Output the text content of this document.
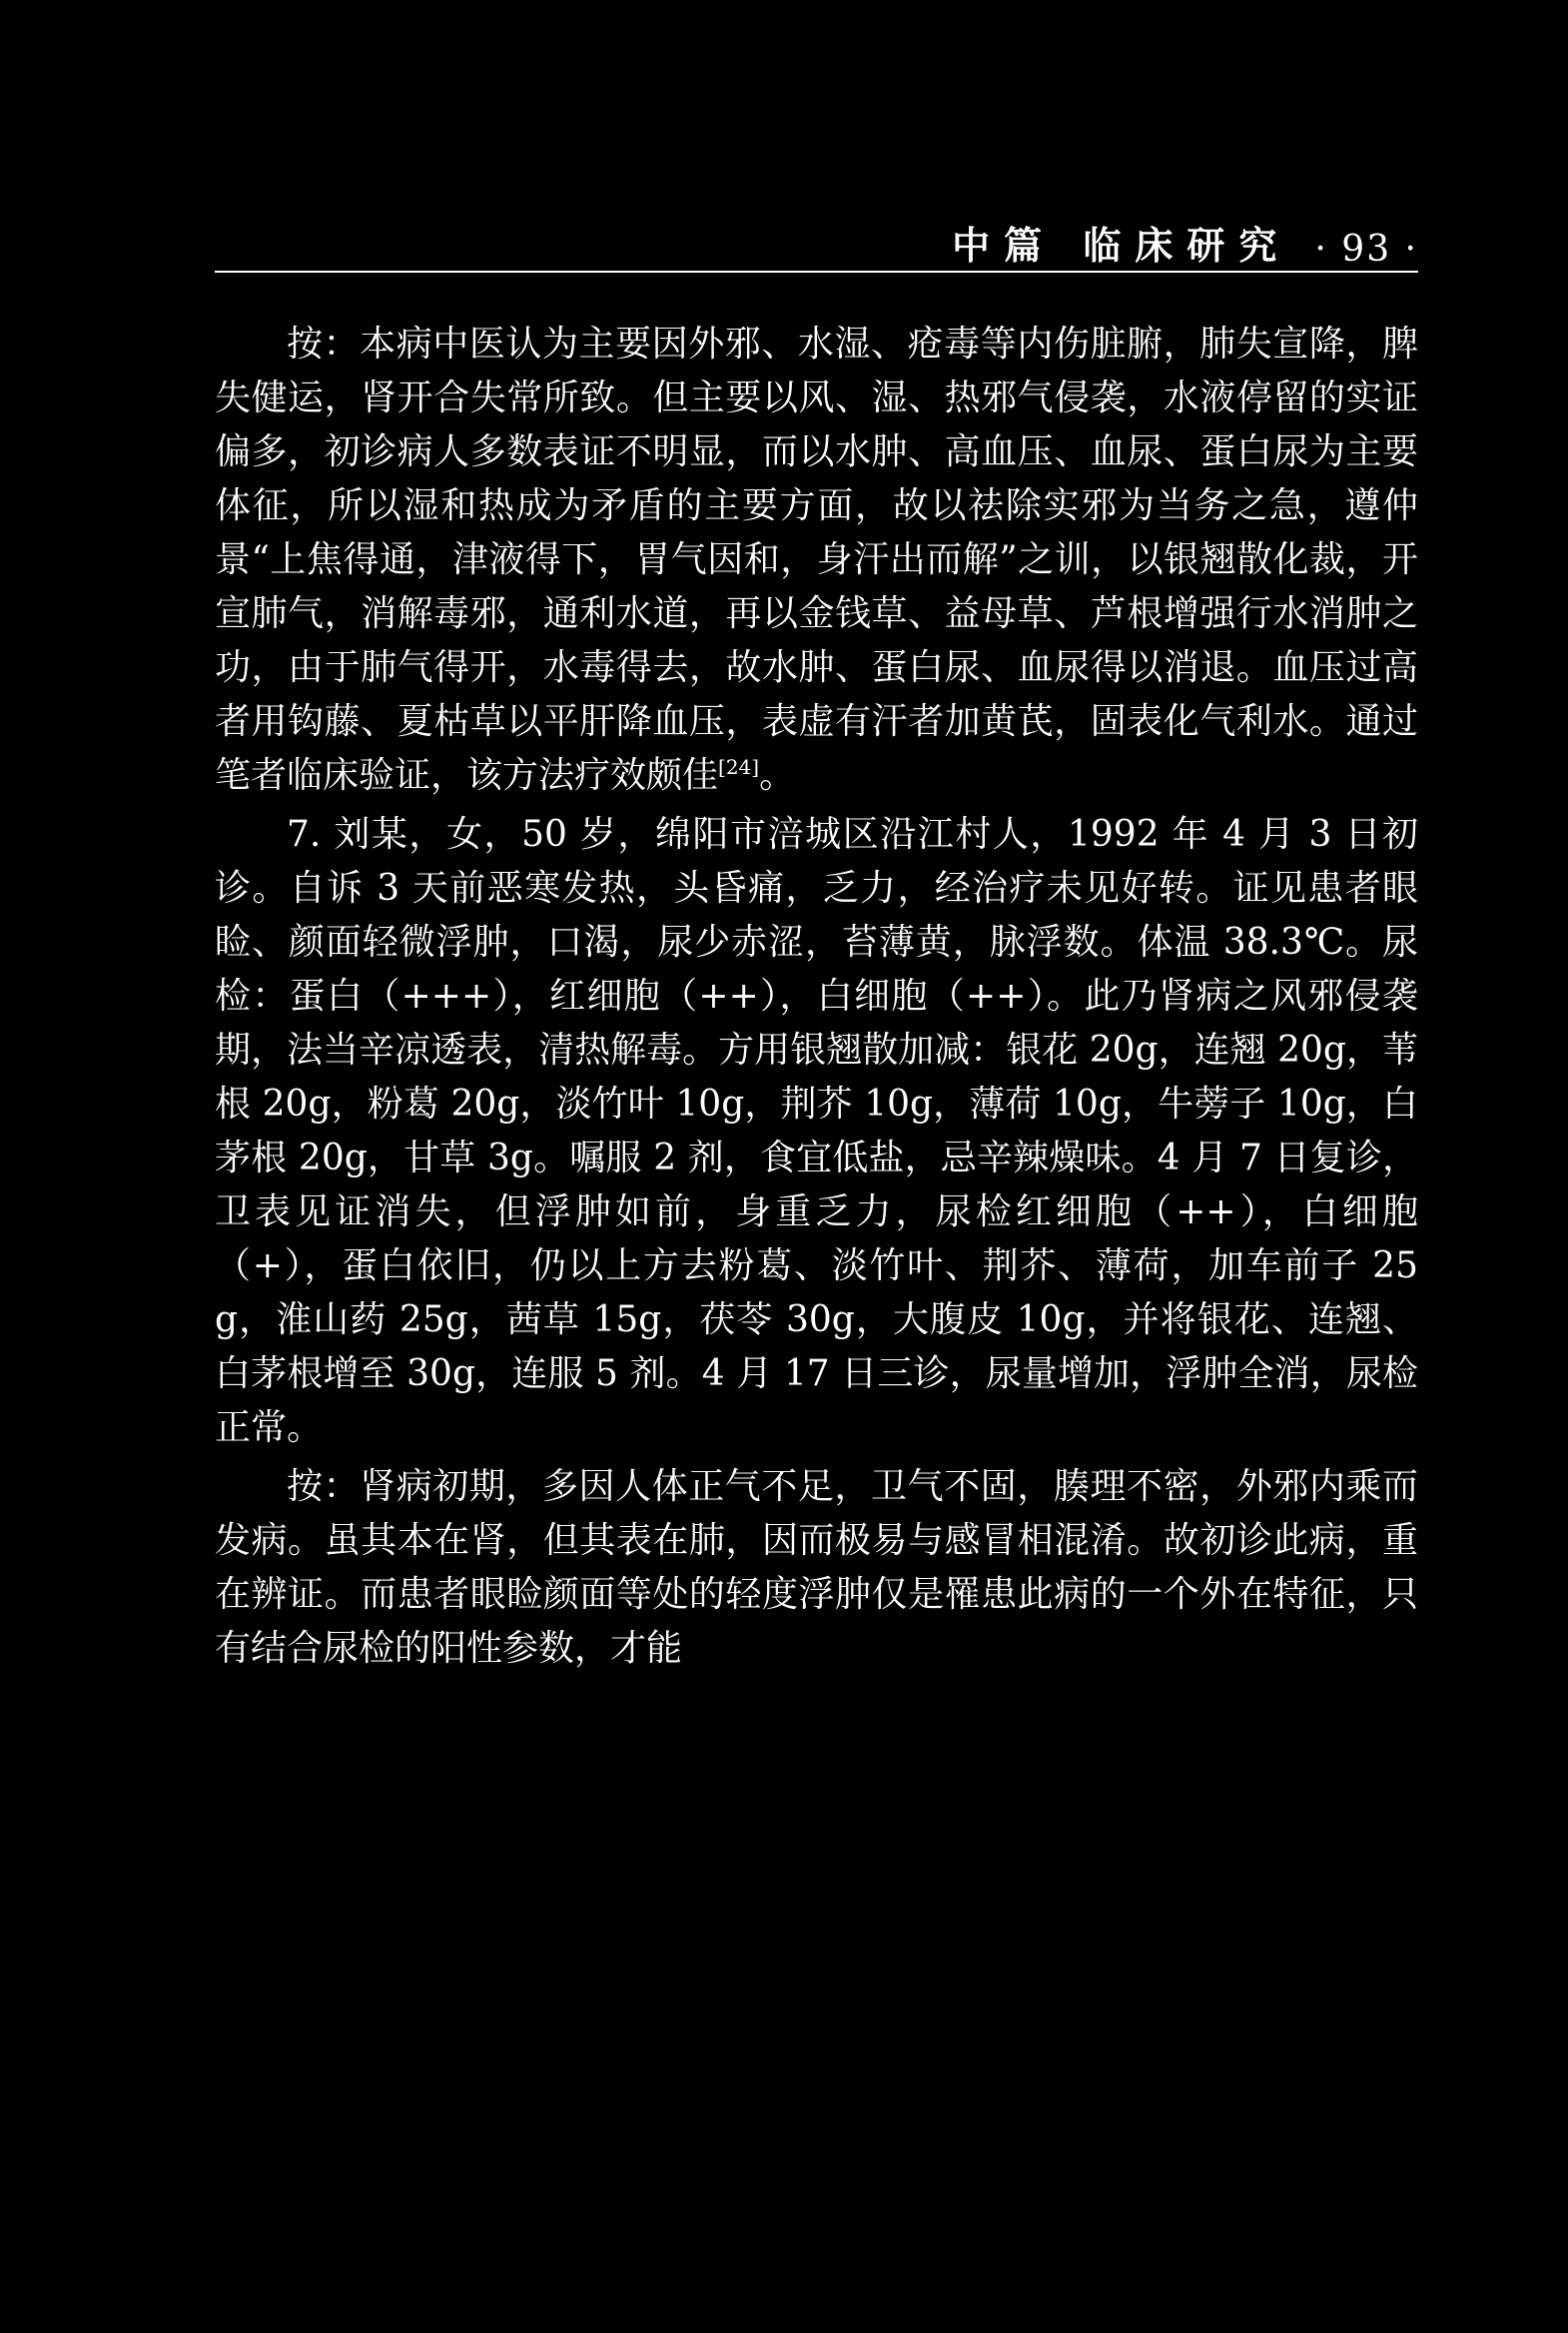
中篇 临床研究 · 93 ·

按：本病中医认为主要因外邪、水湿、疮毒等内伤脏腑，肺失宣降，脾失健运，肾开合失常所致。但主要以风、湿、热邪气侵袭，水液停留的实证偏多，初诊病人多数表证不明显，而以水肿、高血压、血尿、蛋白尿为主要体征，所以湿和热成为矛盾的主要方面，故以祛除实邪为当务之急，遵仲景“上焦得通，津液得下，胃气因和，身汗出而解”之训，以银翘散化裁，开宣肺气，消解毒邪，通利水道，再以金钱草、益母草、芦根增强行水消肿之功，由于肺气得开，水毒得去，故水肿、蛋白尿、血尿得以消退。血压过高者用钩藤、夏枯草以平肝降血压，表虚有汗者加黄芪，固表化气利水。通过笔者临床验证，该方法疗效颇佳[24]。

7. 刘某，女，50 岁，绵阳市涪城区沿江村人，1992 年 4 月 3 日初诊。自诉 3 天前恶寒发热，头昏痛，乏力，经治疗未见好转。证见患者眼睑、颜面轻微浮肿，口渴，尿少赤涩，苔薄黄，脉浮数。体温 38.3℃。尿检：蛋白（+++），红细胞（++），白细胞（++）。此乃肾病之风邪侵袭期，法当辛凉透表，清热解毒。方用银翘散加减：银花 20g，连翘 20g，苇根 20g，粉葛 20g，淡竹叶 10g，荆芥 10g，薄荷 10g，牛蒡子 10g，白茅根 20g，甘草 3g。嘱服 2 剂，食宜低盐，忌辛辣燥味。4 月 7 日复诊，卫表见证消失，但浮肿如前，身重乏力，尿检红细胞（++），白细胞（+），蛋白依旧，仍以上方去粉葛、淡竹叶、荆芥、薄荷，加车前子 25g，淮山药 25g，茜草 15g，茯苓 30g，大腹皮 10g，并将银花、连翘、白茅根增至 30g，连服 5 剂。4 月 17 日三诊，尿量增加，浮肿全消，尿检正常。

按：肾病初期，多因人体正气不足，卫气不固，腠理不密，外邪内乘而发病。虽其本在肾，但其表在肺，因而极易与感冒相混淆。故初诊此病，重在辨证。而患者眼睑颜面等处的轻度浮肿仅是罹患此病的一个外在特征，只有结合尿检的阳性参数，才能
